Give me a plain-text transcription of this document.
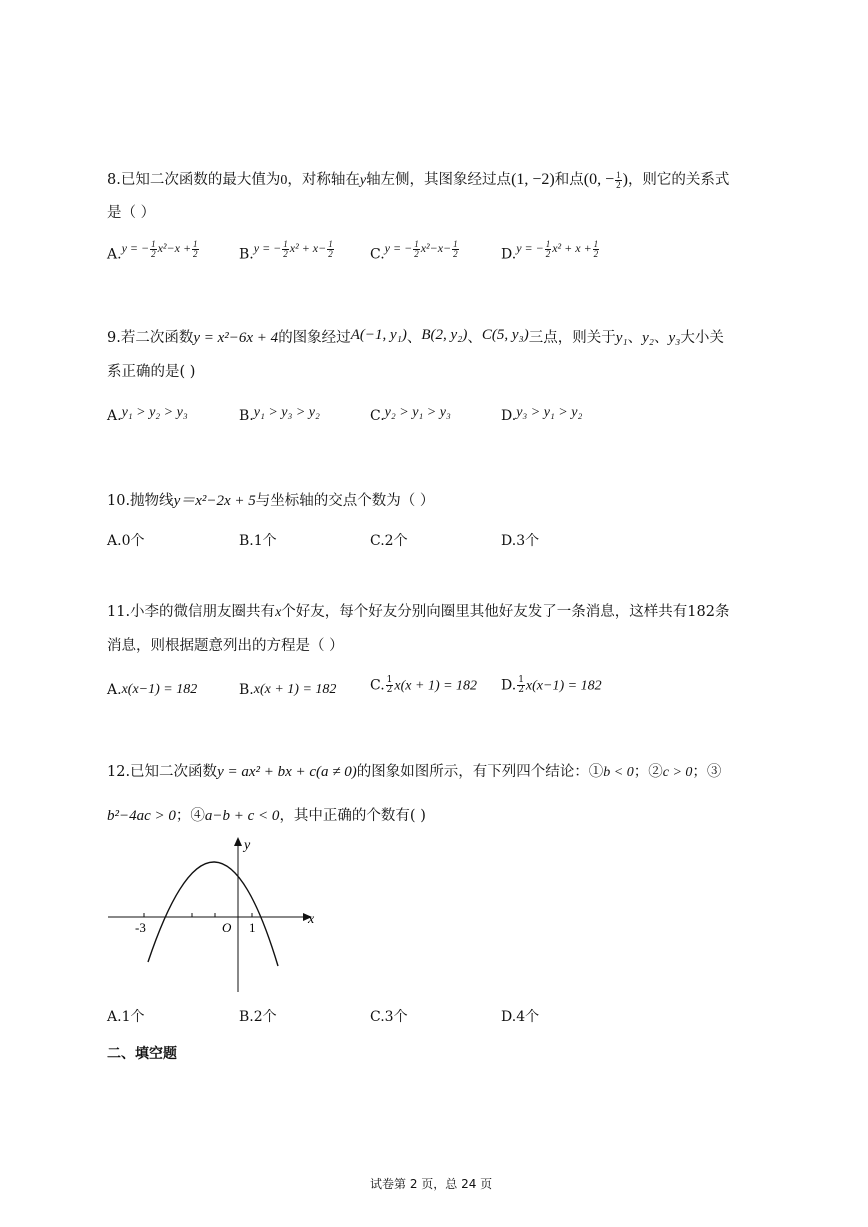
8.已知二次函数的最大值为0，对称轴在y轴左侧，其图象经过点(1, −2)和点(0, − $\frac{1}{2}$ )，则它的关系式
是（ ）
A.y = − $\frac{1}{2} x^2-x + \frac{1}{2}$	B.y = − $\frac{1}{2} x^2 + x- \frac{1}{2}$	C.y = − $\frac{1}{2} x^2-x- \frac{1}{2}$	D.y = − $\frac{1}{2} x^2 + x + \frac{1}{2}$
9.若二次函数y = x²−6x + 4的图象经过A(−1, y₁)、B(2, y₂)、C(5, y₃)三点，则关于y₁、y₂、y₃大小关
系正确的是( )
A.y₁ > y₂ > y₃	B.y₁ > y₃ > y₂	C.y₂ > y₁ > y₃	D.y₃ > y₁ > y₂
10.抛物线y＝x²−2x + 5与坐标轴的交点个数为（ ）
A.0个	B.1个	C.2个	D.3个
11.小李的微信朋友圈共有x个好友，每个好友分别向圈里其他好友发了一条消息，这样共有182条
消息，则根据题意列出的方程是（ ）
A.x(x−1) = 182	B.x(x + 1) = 182 C. $\frac{1}{2} x(x + 1) = 182$ D. $\frac{1}{2} x(x-1) = 182$
12.已知二次函数y = ax² + bx + c(a ≠ 0)的图象如图所示，有下列四个结论：①b < 0；②c > 0；③
b²−4ac > 0；④a−b + c < 0，其中正确的个数有( )
x
y
O
-3	1
A.1个	B.2个	C.3个	D.4个
二、填空题
试卷第 2 页，总 24 页
